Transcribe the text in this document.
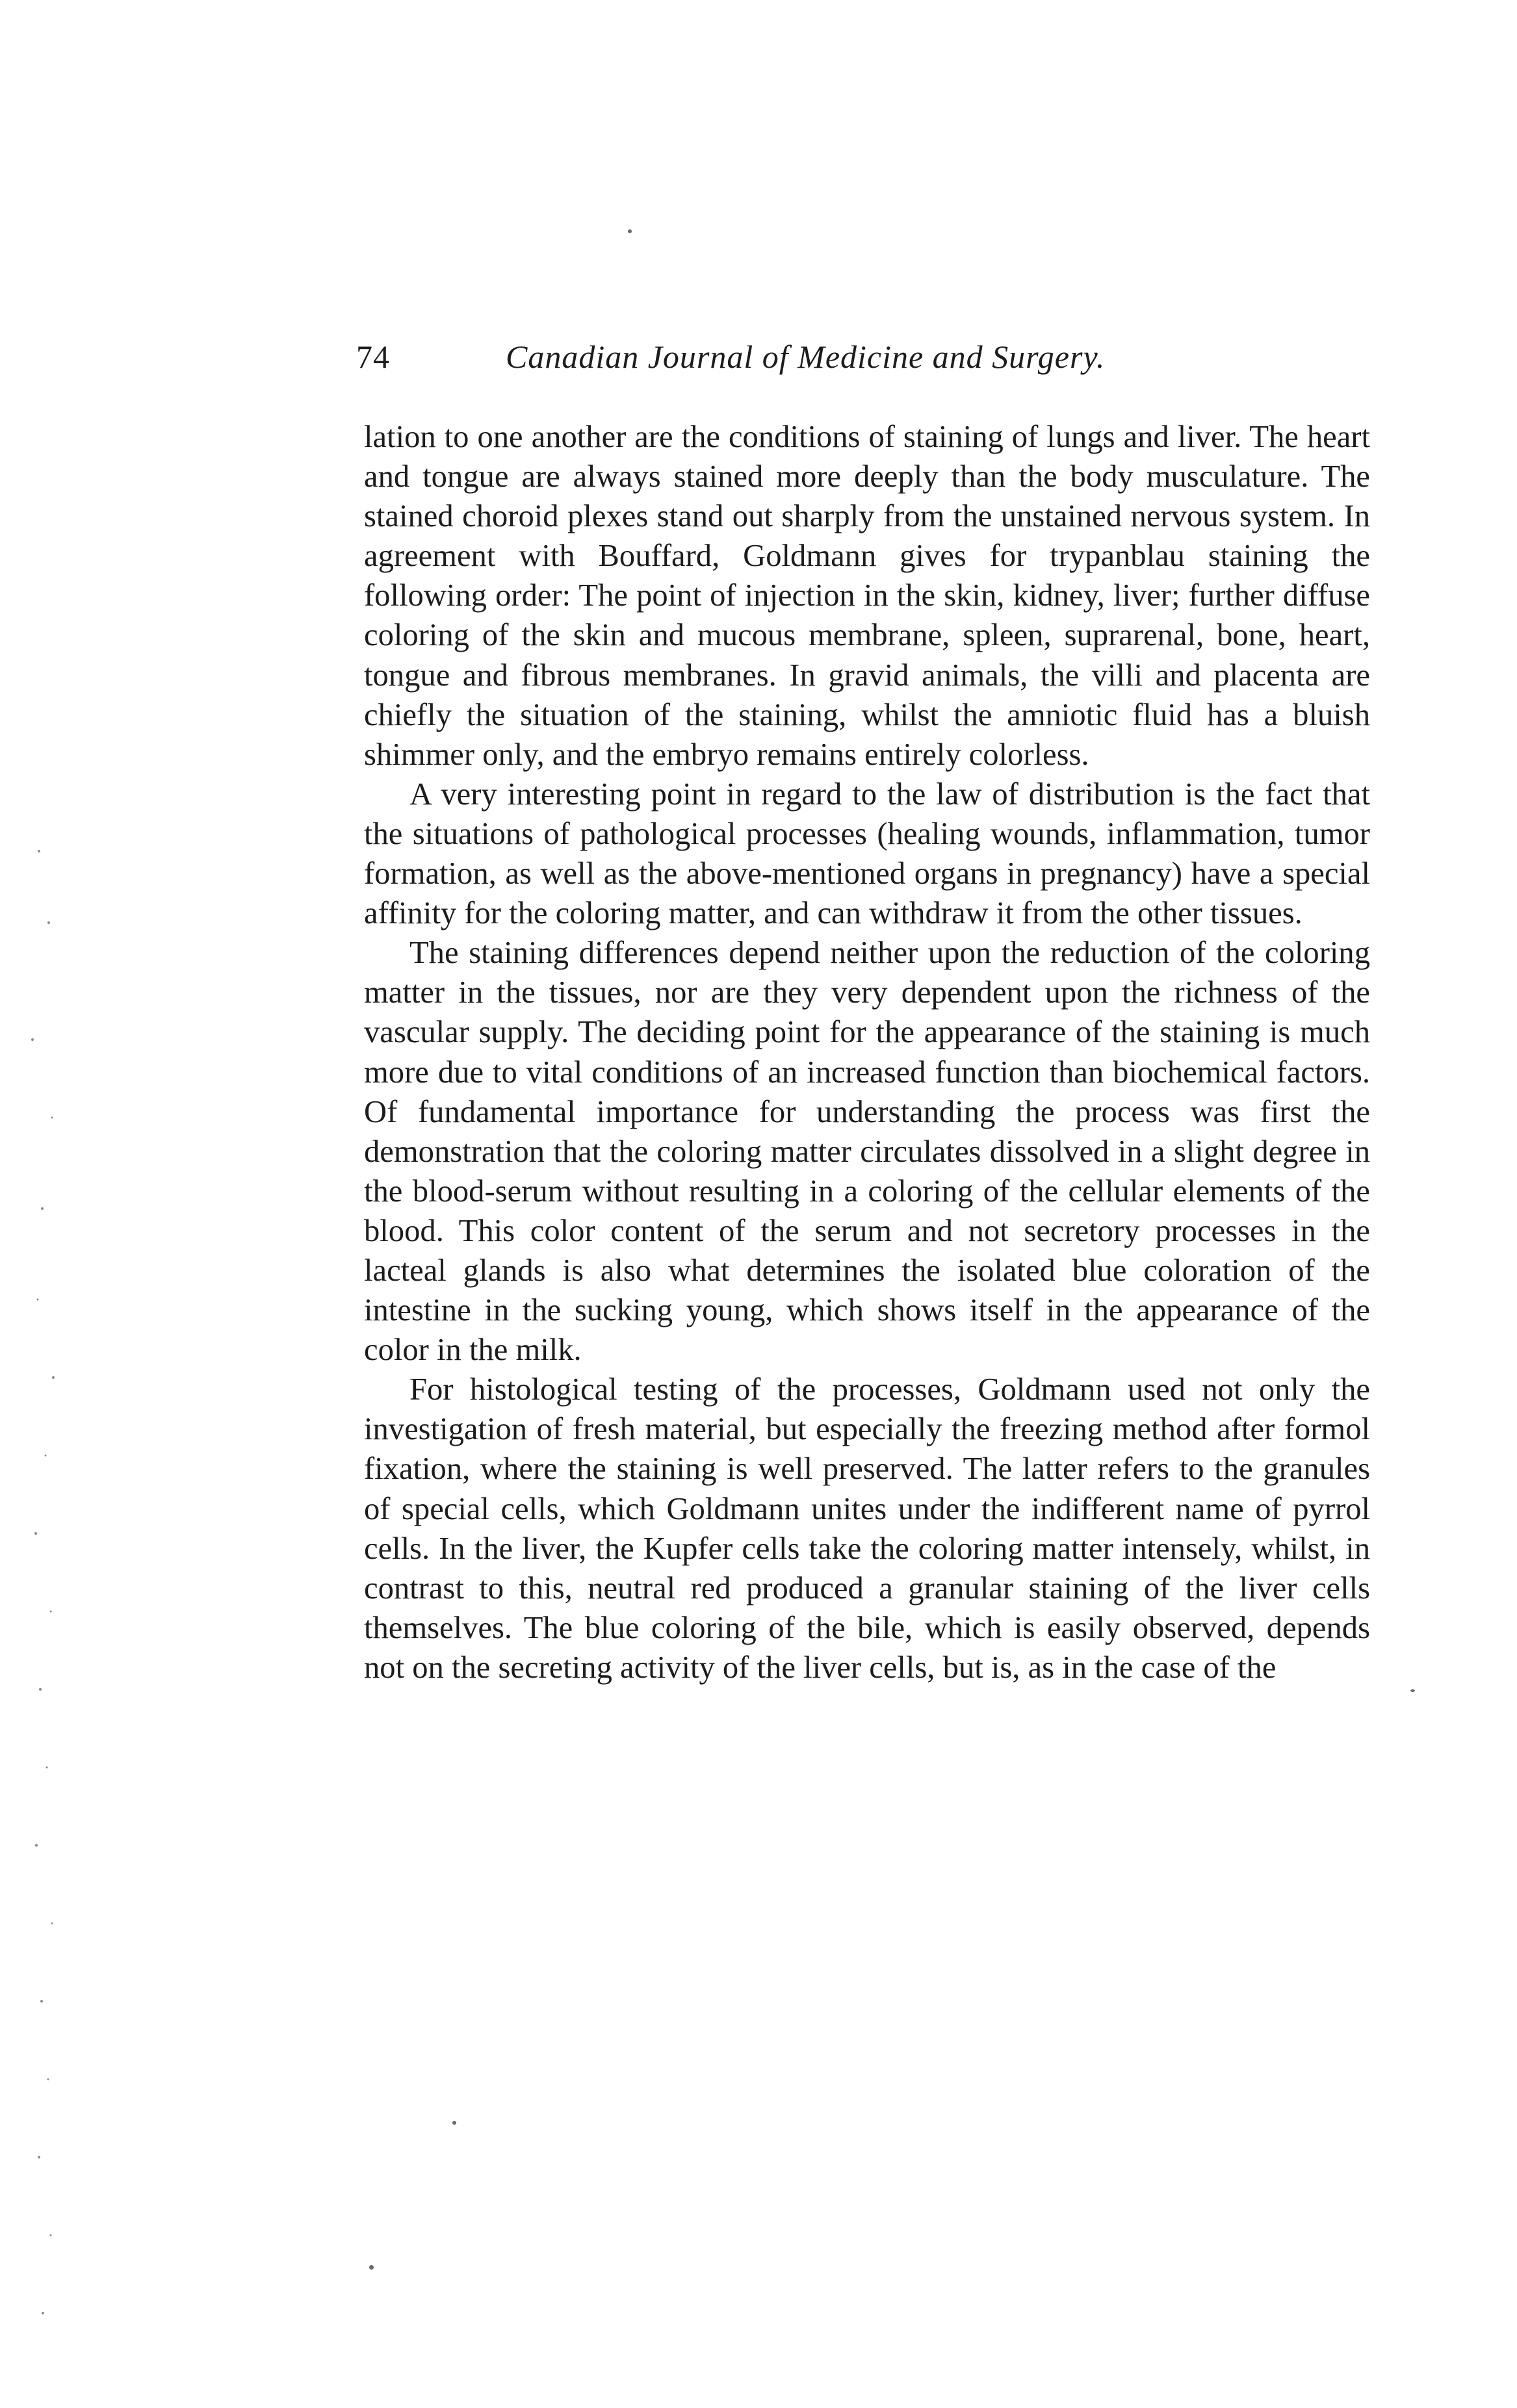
74	Canadian Journal of Medicine and Surgery.

lation to one another are the conditions of staining of lungs and liver. The heart and tongue are always stained more deeply than the body musculature. The stained choroid plexes stand out sharply from the unstained nervous system. In agreement with Bouffard, Goldmann gives for trypanblau staining the following order: The point of injection in the skin, kidney, liver; further diffuse coloring of the skin and mucous membrane, spleen, suprarenal, bone, heart, tongue and fibrous membranes. In gravid animals, the villi and placenta are chiefly the situation of the staining, whilst the amniotic fluid has a bluish shimmer only, and the embryo remains entirely colorless.

A very interesting point in regard to the law of distribution is the fact that the situations of pathological processes (healing wounds, inflammation, tumor formation, as well as the above-mentioned organs in pregnancy) have a special affinity for the coloring matter, and can withdraw it from the other tissues.

The staining differences depend neither upon the reduction of the coloring matter in the tissues, nor are they very dependent upon the richness of the vascular supply. The deciding point for the appearance of the staining is much more due to vital conditions of an increased function than biochemical factors. Of fundamental importance for understanding the process was first the demonstration that the coloring matter circulates dissolved in a slight degree in the blood-serum without resulting in a coloring of the cellular elements of the blood. This color content of the serum and not secretory processes in the lacteal glands is also what determines the isolated blue coloration of the intestine in the sucking young, which shows itself in the appearance of the color in the milk.

For histological testing of the processes, Goldmann used not only the investigation of fresh material, but especially the freezing method after formol fixation, where the staining is well preserved. The latter refers to the granules of special cells, which Goldmann unites under the indifferent name of pyrrol cells. In the liver, the Kupfer cells take the coloring matter intensely, whilst, in contrast to this, neutral red produced a granular staining of the liver cells themselves. The blue coloring of the bile, which is easily observed, depends not on the secreting activity of the liver cells, but is, as in the case of the
